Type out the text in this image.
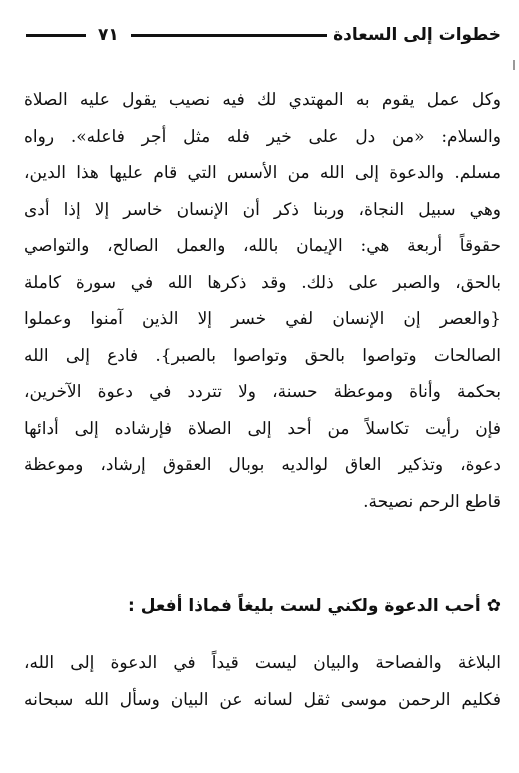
خطوات إلى السعادة
٧١
وكل عمل يقوم به المهتدي لك فيه نصيب يقول عليه الصلاة
والسلام: «من دل على خير فله مثل أجر فاعله». رواه
مسلم. والدعوة إلى الله من الأسس التي قام عليها هذا الدين،
وهي سبيل النجاة، وربنا ذكر أن الإنسان خاسر إلا إذا أدى
حقوقاً أربعة هي: الإيمان بالله، والعمل الصالح، والتواصي
بالحق، والصبر على ذلك. وقد ذكرها الله في سورة كاملة
{والعصر إن الإنسان لفي خسر إلا الذين آمنوا وعملوا
الصالحات وتواصوا بالحق وتواصوا بالصبر}. فادع إلى الله
بحكمة وأناة وموعظة حسنة، ولا تتردد في دعوة الآخرين،
فإن رأيت تكاسلاً من أحد إلى الصلاة فإرشاده إلى أدائها
دعوة، وتذكير العاق لوالديه بوبال العقوق إرشاد، وموعظة
قاطع الرحم نصيحة.
✿أحب الدعوة ولكني لست بليغاً فماذا أفعل :
البلاغة والفصاحة والبيان ليست قيداً في الدعوة إلى الله،
فكليم الرحمن موسى ثقل لسانه عن البيان وسأل الله سبحانه
